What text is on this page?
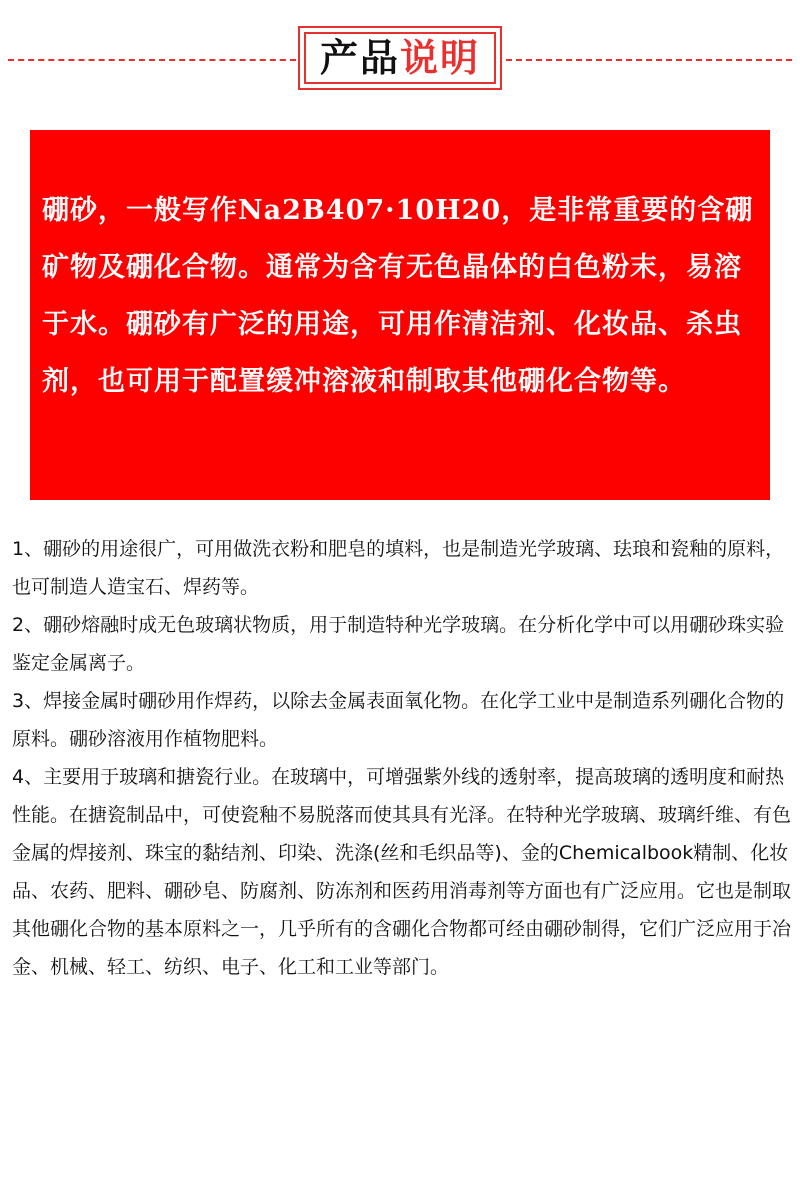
产品 说明

硼砂，一般写作Na2B407·10H20，是非常重要的含硼矿物及硼化合物。通常为含有无色晶体的白色粉末，易溶于水。硼砂有广泛的用途，可用作清洁剂、化妆品、杀虫剂，也可用于配置缓冲溶液和制取其他硼化合物等。

1、硼砂的用途很广，可用做洗衣粉和肥皂的填料，也是制造光学玻璃、珐琅和瓷釉的原料，也可制造人造宝石、焊药等。

2、硼砂熔融时成无色玻璃状物质，用于制造特种光学玻璃。在分析化学中可以用硼砂珠实验鉴定金属离子。

3、焊接金属时硼砂用作焊药，以除去金属表面氧化物。在化学工业中是制造系列硼化合物的原料。硼砂溶液用作植物肥料。

4、主要用于玻璃和搪瓷行业。在玻璃中，可增强紫外线的透射率，提高玻璃的透明度和耐热性能。在搪瓷制品中，可使瓷釉不易脱落而使其具有光泽。在特种光学玻璃、玻璃纤维、有色金属的焊接剂、珠宝的黏结剂、印染、洗涤(丝和毛织品等)、金的Chemicalbook精制、化妆品、农药、肥料、硼砂皂、防腐剂、防冻剂和医药用消毒剂等方面也有广泛应用。它也是制取其他硼化合物的基本原料之一，几乎所有的含硼化合物都可经由硼砂制得，它们广泛应用于冶金、机械、轻工、纺织、电子、化工和工业等部门。
